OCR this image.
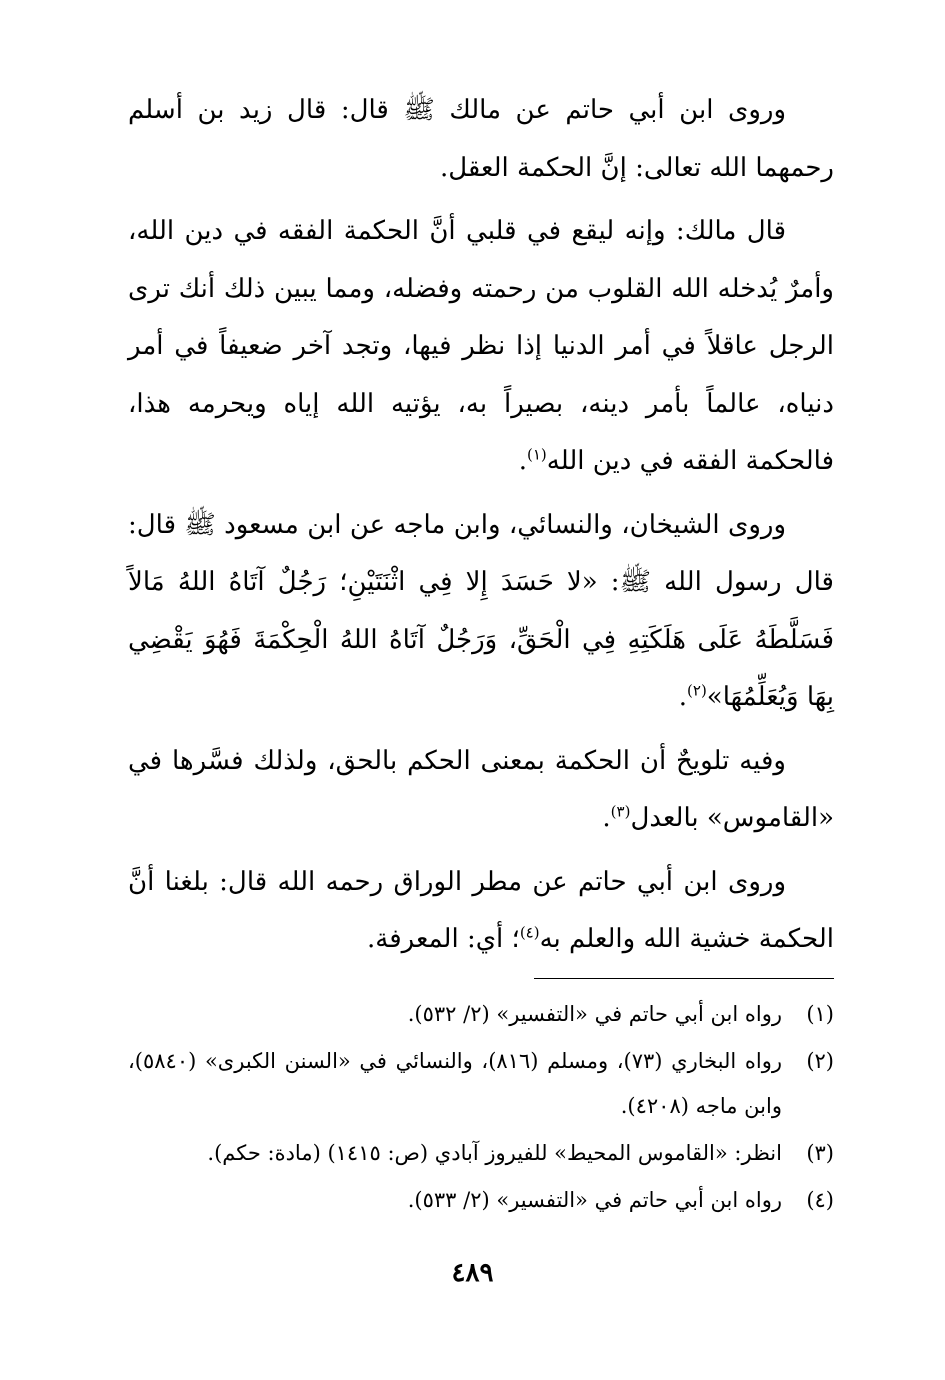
وروى ابن أبي حاتم عن مالك ﷺ قال: قال زيد بن أسلم رحمهما الله تعالى: إنَّ الحكمة العقل.

قال مالك: وإنه ليقع في قلبي أنَّ الحكمة الفقه في دين الله، وأمرٌ يُدخله الله القلوب من رحمته وفضله، ومما يبين ذلك أنك ترى الرجل عاقلاً في أمر الدنيا إذا نظر فيها، وتجد آخر ضعيفاً في أمر دنياه، عالماً بأمر دينه، بصيراً به، يؤتيه الله إياه ويحرمه هذا، فالحكمة الفقه في دين الله$^{(١)}$.

وروى الشيخان، والنسائي، وابن ماجه عن ابن مسعود ﷺ قال: قال رسول الله ﷺ: «لا حَسَدَ إِلا فِي اثْنَتَيْنِ؛ رَجُلٌ آتَاهُ اللهُ مَالاً فَسَلَّطَهُ عَلَى هَلَكَتِهِ فِي الْحَقِّ، وَرَجُلٌ آتَاهُ اللهُ الْحِكْمَةَ فَهُوَ يَقْضِي بِهَا وَيُعَلِّمُهَا»$^{(٢)}$.

وفيه تلويحٌ أن الحكمة بمعنى الحكم بالحق، ولذلك فسَّرها في «القاموس» بالعدل$^{(٣)}$.

وروى ابن أبي حاتم عن مطر الوراق رحمه الله قال: بلغنا أنَّ الحكمة خشية الله والعلم به$^{(٤)}$؛ أي: المعرفة.

(١)
رواه ابن أبي حاتم في «التفسير» (٢/ ٥٣٢).
(٢)
رواه البخاري (٧٣)، ومسلم (٨١٦)، والنسائي في «السنن الكبرى» (٥٨٤٠)، وابن ماجه (٤٢٠٨).
(٣)
انظر: «القاموس المحيط» للفيروز آبادي (ص: ١٤١٥) (مادة: حكم).
(٤)
رواه ابن أبي حاتم في «التفسير» (٢/ ٥٣٣).
٤٨٩
